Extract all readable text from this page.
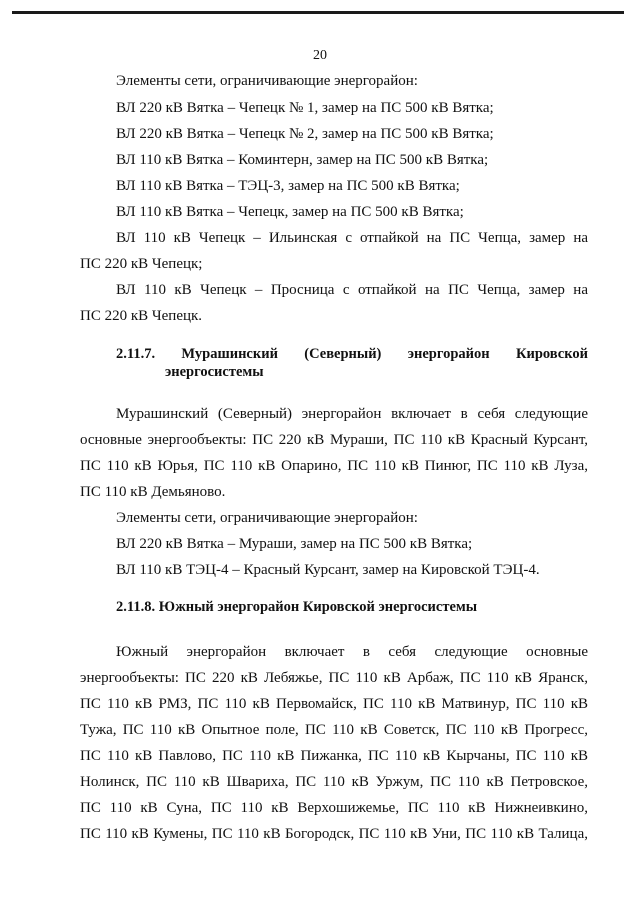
20
Элементы сети, ограничивающие энергорайон:
ВЛ 220 кВ Вятка – Чепецк № 1, замер на ПС 500 кВ Вятка;
ВЛ 220 кВ Вятка – Чепецк № 2, замер на ПС 500 кВ Вятка;
ВЛ 110 кВ Вятка – Коминтерн, замер на ПС 500 кВ Вятка;
ВЛ 110 кВ Вятка – ТЭЦ-3, замер на ПС 500 кВ Вятка;
ВЛ 110 кВ Вятка – Чепецк, замер на ПС 500 кВ Вятка;
ВЛ 110 кВ Чепецк – Ильинская с отпайкой на ПС Чепца, замер на
ПС 220 кВ Чепецк;
ВЛ 110 кВ Чепецк – Просница с отпайкой на ПС Чепца, замер на
ПС 220 кВ Чепецк.
2.11.7. Мурашинский (Северный) энергорайон Кировской
энергосистемы
Мурашинский (Северный) энергорайон включает в себя следующие
основные энергообъекты: ПС 220 кВ Мураши, ПС 110 кВ Красный Курсант,
ПС 110 кВ Юрья, ПС 110 кВ Опарино, ПС 110 кВ Пинюг, ПС 110 кВ Луза,
ПС 110 кВ Демьяново.
Элементы сети, ограничивающие энергорайон:
ВЛ 220 кВ Вятка – Мураши, замер на ПС 500 кВ Вятка;
ВЛ 110 кВ ТЭЦ-4 – Красный Курсант, замер на Кировской ТЭЦ-4.
2.11.8. Южный энергорайон Кировской энергосистемы
Южный энергорайон включает в себя следующие основные
энергообъекты: ПС 220 кВ Лебяжье, ПС 110 кВ Арбаж, ПС 110 кВ Яранск,
ПС 110 кВ РМЗ, ПС 110 кВ Первомайск, ПС 110 кВ Матвинур, ПС 110 кВ
Тужа, ПС 110 кВ Опытное поле, ПС 110 кВ Советск, ПС 110 кВ Прогресс,
ПС 110 кВ Павлово, ПС 110 кВ Пижанка, ПС 110 кВ Кырчаны, ПС 110 кВ
Нолинск, ПС 110 кВ Шварихa, ПС 110 кВ Уржум, ПС 110 кВ Петровское,
ПС 110 кВ Суна, ПС 110 кВ Верхошижемье, ПС 110 кВ Нижнеивкино,
ПС 110 кВ Кумены, ПС 110 кВ Богородск, ПС 110 кВ Уни, ПС 110 кВ Талица,
